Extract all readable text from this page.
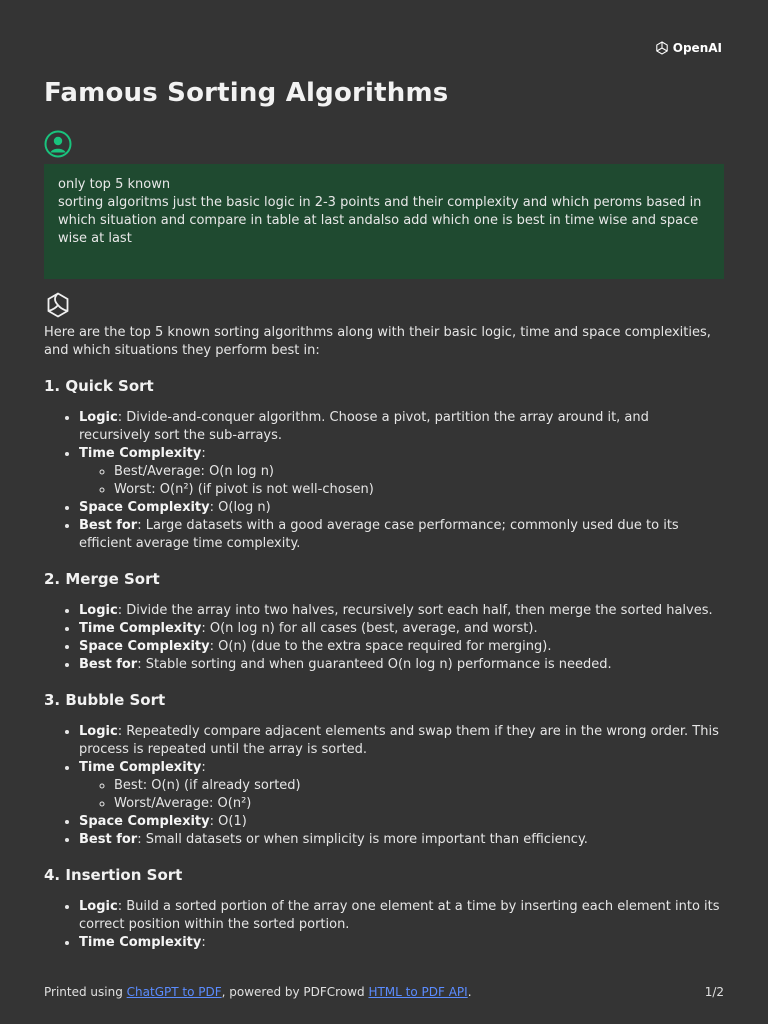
OpenAI
Famous Sorting Algorithms

only top 5 known

sorting algoritms just the basic logic in 2-3 points and their complexity and which peroms based in which situation and compare in table at last andalso add which one is best in time wise and space wise at last

Here are the top 5 known sorting algorithms along with their basic logic, time and space complexities, and which situations they perform best in:

1. Quick Sort
• Logic: Divide-and-conquer algorithm. Choose a pivot, partition the array around it, and recursively sort the sub-arrays.
• Time Complexity:
◦ Best/Average: O(n log n)
◦ Worst: O(n²) (if pivot is not well-chosen)
• Space Complexity: O(log n)
• Best for: Large datasets with a good average case performance; commonly used due to its efficient average time complexity.
2. Merge Sort
• Logic: Divide the array into two halves, recursively sort each half, then merge the sorted halves.
• Time Complexity: O(n log n) for all cases (best, average, and worst).
• Space Complexity: O(n) (due to the extra space required for merging).
• Best for: Stable sorting and when guaranteed O(n log n) performance is needed.
3. Bubble Sort
• Logic: Repeatedly compare adjacent elements and swap them if they are in the wrong order. This process is repeated until the array is sorted.
• Time Complexity:
◦ Best: O(n) (if already sorted)
◦ Worst/Average: O(n²)
• Space Complexity: O(1)
• Best for: Small datasets or when simplicity is more important than efficiency.
4. Insertion Sort
• Logic: Build a sorted portion of the array one element at a time by inserting each element into its correct position within the sorted portion.
• Time Complexity:
Printed using ChatGPT to PDF, powered by PDFCrowd HTML to PDF API.	1/2
